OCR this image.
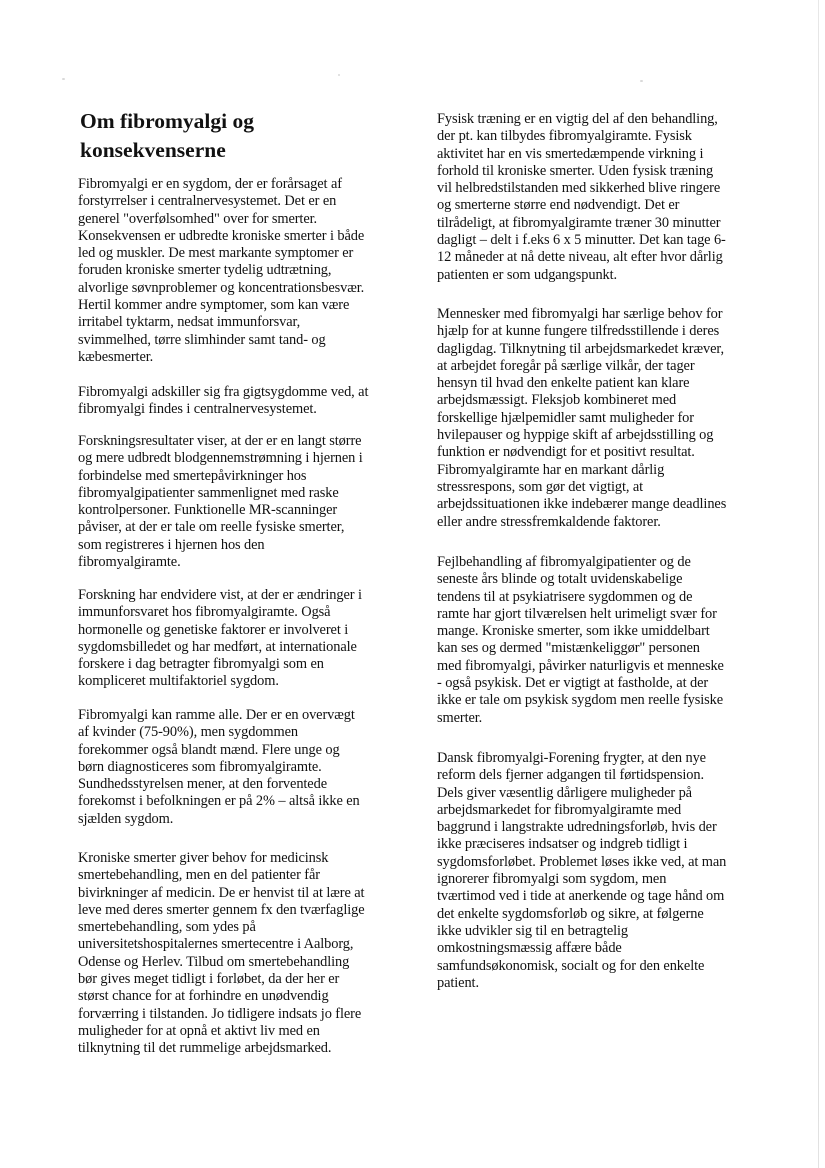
Om fibromyalgi og
konsekvenserne

Fibromyalgi er en sygdom, der er forårsaget af
forstyrrelser i centralnervesystemet. Det er en
generel "overfølsomhed" over for smerter.
Konsekvensen er udbredte kroniske smerter i både
led og muskler. De mest markante symptomer er
foruden kroniske smerter tydelig udtrætning,
alvorlige søvnproblemer og koncentrationsbesvær.
Hertil kommer andre symptomer, som kan være
irritabel tyktarm, nedsat immunforsvar,
svimmelhed, tørre slimhinder samt tand- og
kæbesmerter.

Fibromyalgi adskiller sig fra gigtsygdomme ved, at
fibromyalgi findes i centralnervesystemet.

Forskningsresultater viser, at der er en langt større
og mere udbredt blodgennemstrømning i hjernen i
forbindelse med smertepåvirkninger hos
fibromyalgipatienter sammenlignet med raske
kontrolpersoner. Funktionelle MR-scanninger
påviser, at der er tale om reelle fysiske smerter,
som registreres i hjernen hos den
fibromyalgiramte.

Forskning har endvidere vist, at der er ændringer i
immunforsvaret hos fibromyalgiramte. Også
hormonelle og genetiske faktorer er involveret i
sygdomsbilledet og har medført, at internationale
forskere i dag betragter fibromyalgi som en
kompliceret multifaktoriel sygdom.

Fibromyalgi kan ramme alle. Der er en overvægt
af kvinder (75-90%), men sygdommen
forekommer også blandt mænd. Flere unge og
børn diagnosticeres som fibromyalgiramte.
Sundhedsstyrelsen mener, at den forventede
forekomst i befolkningen er på 2% – altså ikke en
sjælden sygdom.

Kroniske smerter giver behov for medicinsk
smertebehandling, men en del patienter får
bivirkninger af medicin. De er henvist til at lære at
leve med deres smerter gennem fx den tværfaglige
smertebehandling, som ydes på
universitetshospitalernes smertecentre i Aalborg,
Odense og Herlev. Tilbud om smertebehandling
bør gives meget tidligt i forløbet, da der her er
størst chance for at forhindre en unødvendig
forværring i tilstanden. Jo tidligere indsats jo flere
muligheder for at opnå et aktivt liv med en
tilknytning til det rummelige arbejdsmarked.

Fysisk træning er en vigtig del af den behandling,
der pt. kan tilbydes fibromyalgiramte. Fysisk
aktivitet har en vis smertedæmpende virkning i
forhold til kroniske smerter. Uden fysisk træning
vil helbredstilstanden med sikkerhed blive ringere
og smerterne større end nødvendigt. Det er
tilrådeligt, at fibromyalgiramte træner 30 minutter
dagligt – delt i f.eks 6 x 5 minutter. Det kan tage 6-
12 måneder at nå dette niveau, alt efter hvor dårlig
patienten er som udgangspunkt.

Mennesker med fibromyalgi har særlige behov for
hjælp for at kunne fungere tilfredsstillende i deres
dagligdag. Tilknytning til arbejdsmarkedet kræver,
at arbejdet foregår på særlige vilkår, der tager
hensyn til hvad den enkelte patient kan klare
arbejdsmæssigt. Fleksjob kombineret med
forskellige hjælpemidler samt muligheder for
hvilepauser og hyppige skift af arbejdsstilling og
funktion er nødvendigt for et positivt resultat.
Fibromyalgiramte har en markant dårlig
stressrespons, som gør det vigtigt, at
arbejdssituationen ikke indebærer mange deadlines
eller andre stressfremkaldende faktorer.

Fejlbehandling af fibromyalgipatienter og de
seneste års blinde og totalt uvidenskabelige
tendens til at psykiatrisere sygdommen og de
ramte har gjort tilværelsen helt urimeligt svær for
mange. Kroniske smerter, som ikke umiddelbart
kan ses og dermed "mistænkeliggør" personen
med fibromyalgi, påvirker naturligvis et menneske
- også psykisk. Det er vigtigt at fastholde, at der
ikke er tale om psykisk sygdom men reelle fysiske
smerter.

Dansk fibromyalgi-Forening frygter, at den nye
reform dels fjerner adgangen til førtidspension.
Dels giver væsentlig dårligere muligheder på
arbejdsmarkedet for fibromyalgiramte med
baggrund i langstrakte udredningsforløb, hvis der
ikke præciseres indsatser og indgreb tidligt i
sygdomsforløbet. Problemet løses ikke ved, at man
ignorerer fibromyalgi som sygdom, men
tværtimod ved i tide at anerkende og tage hånd om
det enkelte sygdomsforløb og sikre, at følgerne
ikke udvikler sig til en betragtelig
omkostningsmæssig affære både
samfundsøkonomisk, socialt og for den enkelte
patient.
